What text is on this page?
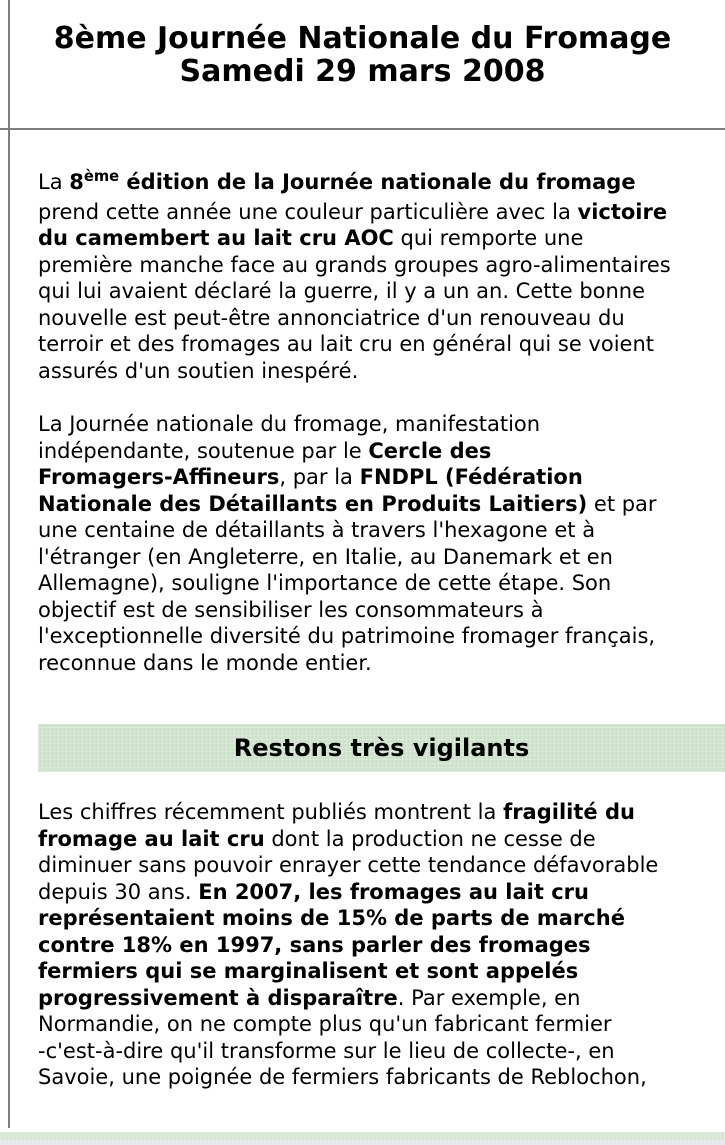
8ème Journée Nationale du Fromage
Samedi 29 mars 2008
La 8ème édition de la Journée nationale du fromage
prend cette année une couleur particulière avec la victoire
du camembert au lait cru AOC qui remporte une
première manche face au grands groupes agro-alimentaires
qui lui avaient déclaré la guerre, il y a un an. Cette bonne
nouvelle est peut-être annonciatrice d'un renouveau du
terroir et des fromages au lait cru en général qui se voient
assurés d'un soutien inespéré.
La Journée nationale du fromage, manifestation
indépendante, soutenue par le Cercle des
Fromagers-Affineurs, par la FNDPL (Fédération
Nationale des Détaillants en Produits Laitiers) et par
une centaine de détaillants à travers l'hexagone et à
l'étranger (en Angleterre, en Italie, au Danemark et en
Allemagne), souligne l'importance de cette étape. Son
objectif est de sensibiliser les consommateurs à
l'exceptionnelle diversité du patrimoine fromager français,
reconnue dans le monde entier.
Restons très vigilants
Les chiffres récemment publiés montrent la fragilité du
fromage au lait cru dont la production ne cesse de
diminuer sans pouvoir enrayer cette tendance défavorable
depuis 30 ans. En 2007, les fromages au lait cru
représentaient moins de 15% de parts de marché
contre 18% en 1997, sans parler des fromages
fermiers qui se marginalisent et sont appelés
progressivement à disparaître. Par exemple, en
Normandie, on ne compte plus qu'un fabricant fermier
-c'est-à-dire qu'il transforme sur le lieu de collecte-, en
Savoie, une poignée de fermiers fabricants de Reblochon,
